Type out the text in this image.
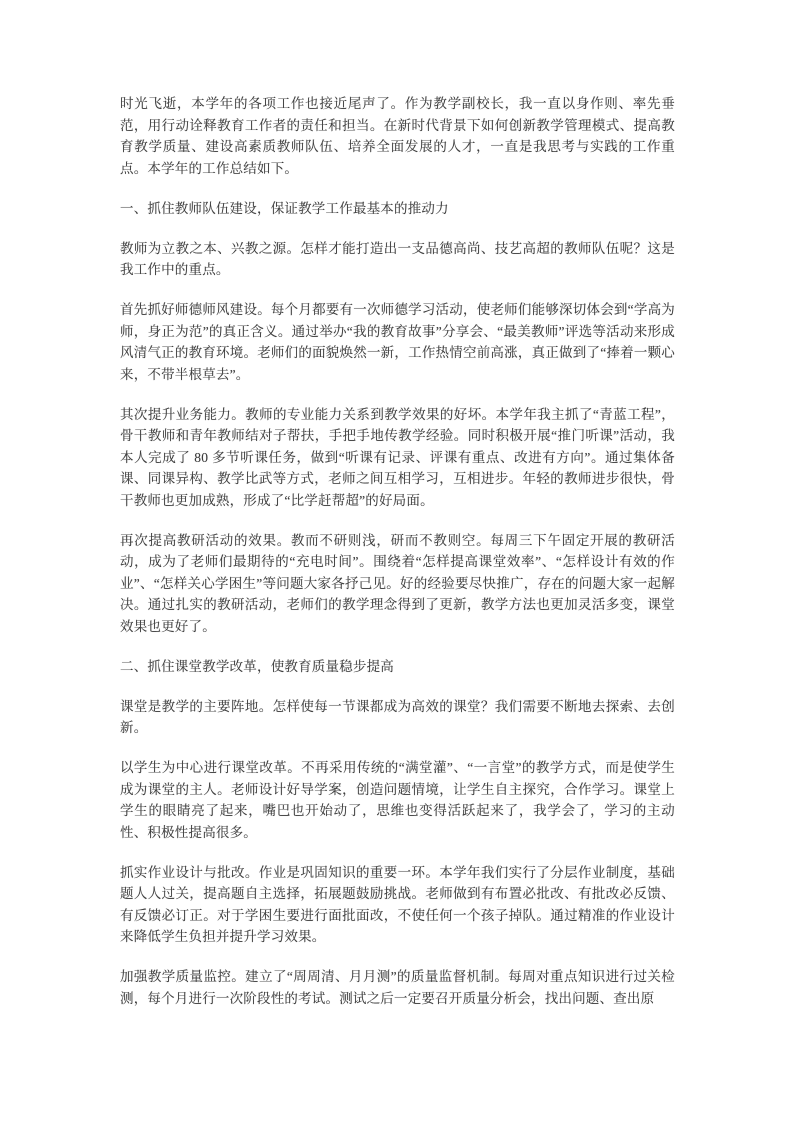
时光飞逝，本学年的各项工作也接近尾声了。作为教学副校长，我一直以身作则、率先垂范，用行动诠释教育工作者的责任和担当。在新时代背景下如何创新教学管理模式、提高教育教学质量、建设高素质教师队伍、培养全面发展的人才，一直是我思考与实践的工作重点。本学年的工作总结如下。

一、抓住教师队伍建设，保证教学工作最基本的推动力

教师为立教之本、兴教之源。怎样才能打造出一支品德高尚、技艺高超的教师队伍呢？这是我工作中的重点。

首先抓好师德师风建设。每个月都要有一次师德学习活动，使老师们能够深切体会到“学高为师，身正为范”的真正含义。通过举办“我的教育故事”分享会、“最美教师”评选等活动来形成风清气正的教育环境。老师们的面貌焕然一新，工作热情空前高涨，真正做到了“捧着一颗心来，不带半根草去”。

其次提升业务能力。教师的专业能力关系到教学效果的好坏。本学年我主抓了“青蓝工程”，骨干教师和青年教师结对子帮扶，手把手地传教学经验。同时积极开展“推门听课”活动，我本人完成了 80 多节听课任务，做到“听课有记录、评课有重点、改进有方向”。通过集体备课、同课异构、教学比武等方式，老师之间互相学习，互相进步。年轻的教师进步很快，骨干教师也更加成熟，形成了“比学赶帮超”的好局面。

再次提高教研活动的效果。教而不研则浅，研而不教则空。每周三下午固定开展的教研活动，成为了老师们最期待的“充电时间”。围绕着“怎样提高课堂效率”、“怎样设计有效的作业”、“怎样关心学困生”等问题大家各抒己见。好的经验要尽快推广，存在的问题大家一起解决。通过扎实的教研活动，老师们的教学理念得到了更新，教学方法也更加灵活多变，课堂效果也更好了。

二、抓住课堂教学改革，使教育质量稳步提高

课堂是教学的主要阵地。怎样使每一节课都成为高效的课堂？我们需要不断地去探索、去创新。

以学生为中心进行课堂改革。不再采用传统的“满堂灌”、“一言堂”的教学方式，而是使学生成为课堂的主人。老师设计好导学案，创造问题情境，让学生自主探究，合作学习。课堂上学生的眼睛亮了起来，嘴巴也开始动了，思维也变得活跃起来了，我学会了，学习的主动性、积极性提高很多。

抓实作业设计与批改。作业是巩固知识的重要一环。本学年我们实行了分层作业制度，基础题人人过关，提高题自主选择，拓展题鼓励挑战。老师做到有布置必批改、有批改必反馈、有反馈必订正。对于学困生要进行面批面改，不使任何一个孩子掉队。通过精准的作业设计来降低学生负担并提升学习效果。

加强教学质量监控。建立了“周周清、月月测”的质量监督机制。每周对重点知识进行过关检测，每个月进行一次阶段性的考试。测试之后一定要召开质量分析会，找出问题、查出原
